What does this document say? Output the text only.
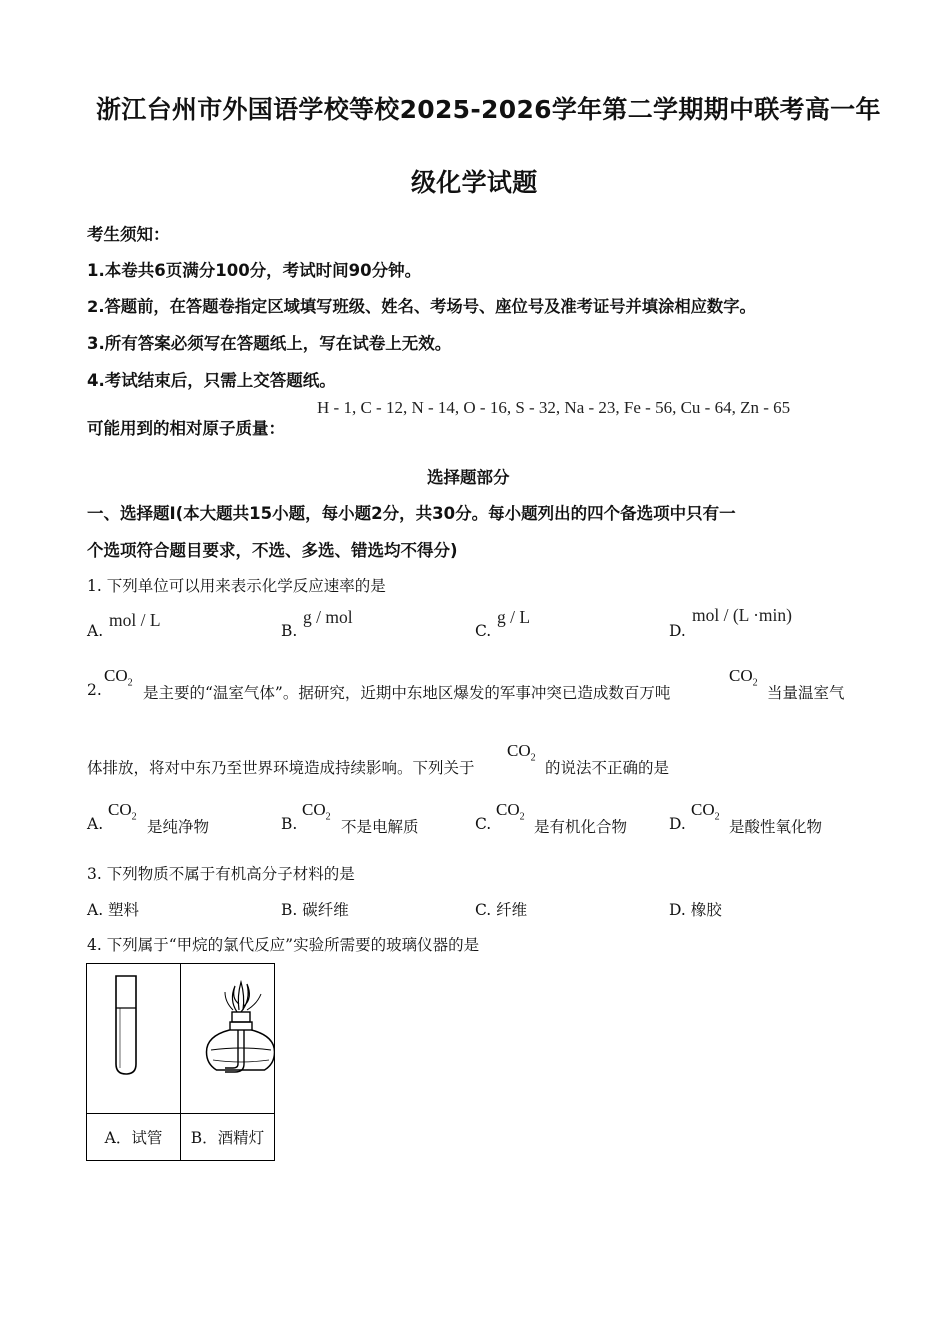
浙江台州市外国语学校等校2025-2026学年第二学期期中联考高一年
级化学试题
考生须知：
1.本卷共6页满分100分，考试时间90分钟。
2.答题前，在答题卷指定区域填写班级、姓名、考场号、座位号及准考证号并填涂相应数字。
3.所有答案必须写在答题纸上，写在试卷上无效。
4.考试结束后，只需上交答题纸。
可能用到的相对原子质量：
H - 1, C - 12, N - 14, O - 16, S - 32, Na - 23, Fe - 56, Cu - 64, Zn - 65
选择题部分
一、选择题I(本大题共15小题，每小题2分，共30分。每小题列出的四个备选项中只有一
个选项符合题目要求，不选、多选、错选均不得分)
1. 下列单位可以用来表示化学反应速率的是
A.
mol / L
B.
g / mol
C.
g / L
D.
mol / (L ·min)
2.
$CO_2$
是主要的“温室气体”。据研究，近期中东地区爆发的军事冲突已造成数百万吨
$CO_2$
当量温室气
体排放，将对中东乃至世界环境造成持续影响。下列关于
$CO_2$
的说法不正确的是
A.
$CO_2$
是纯净物	B.
$CO_2$
不是电解质	C.
$CO_2$
是有机化合物	D.
$CO_2$
是酸性氧化物
3. 下列物质不属于有机高分子材料的是
A. 塑料	B. 碳纤维	C. 纤维	D. 橡胶
4. 下列属于“甲烷的氯代反应”实验所需要的玻璃仪器的是

A．试管	B．酒精灯
